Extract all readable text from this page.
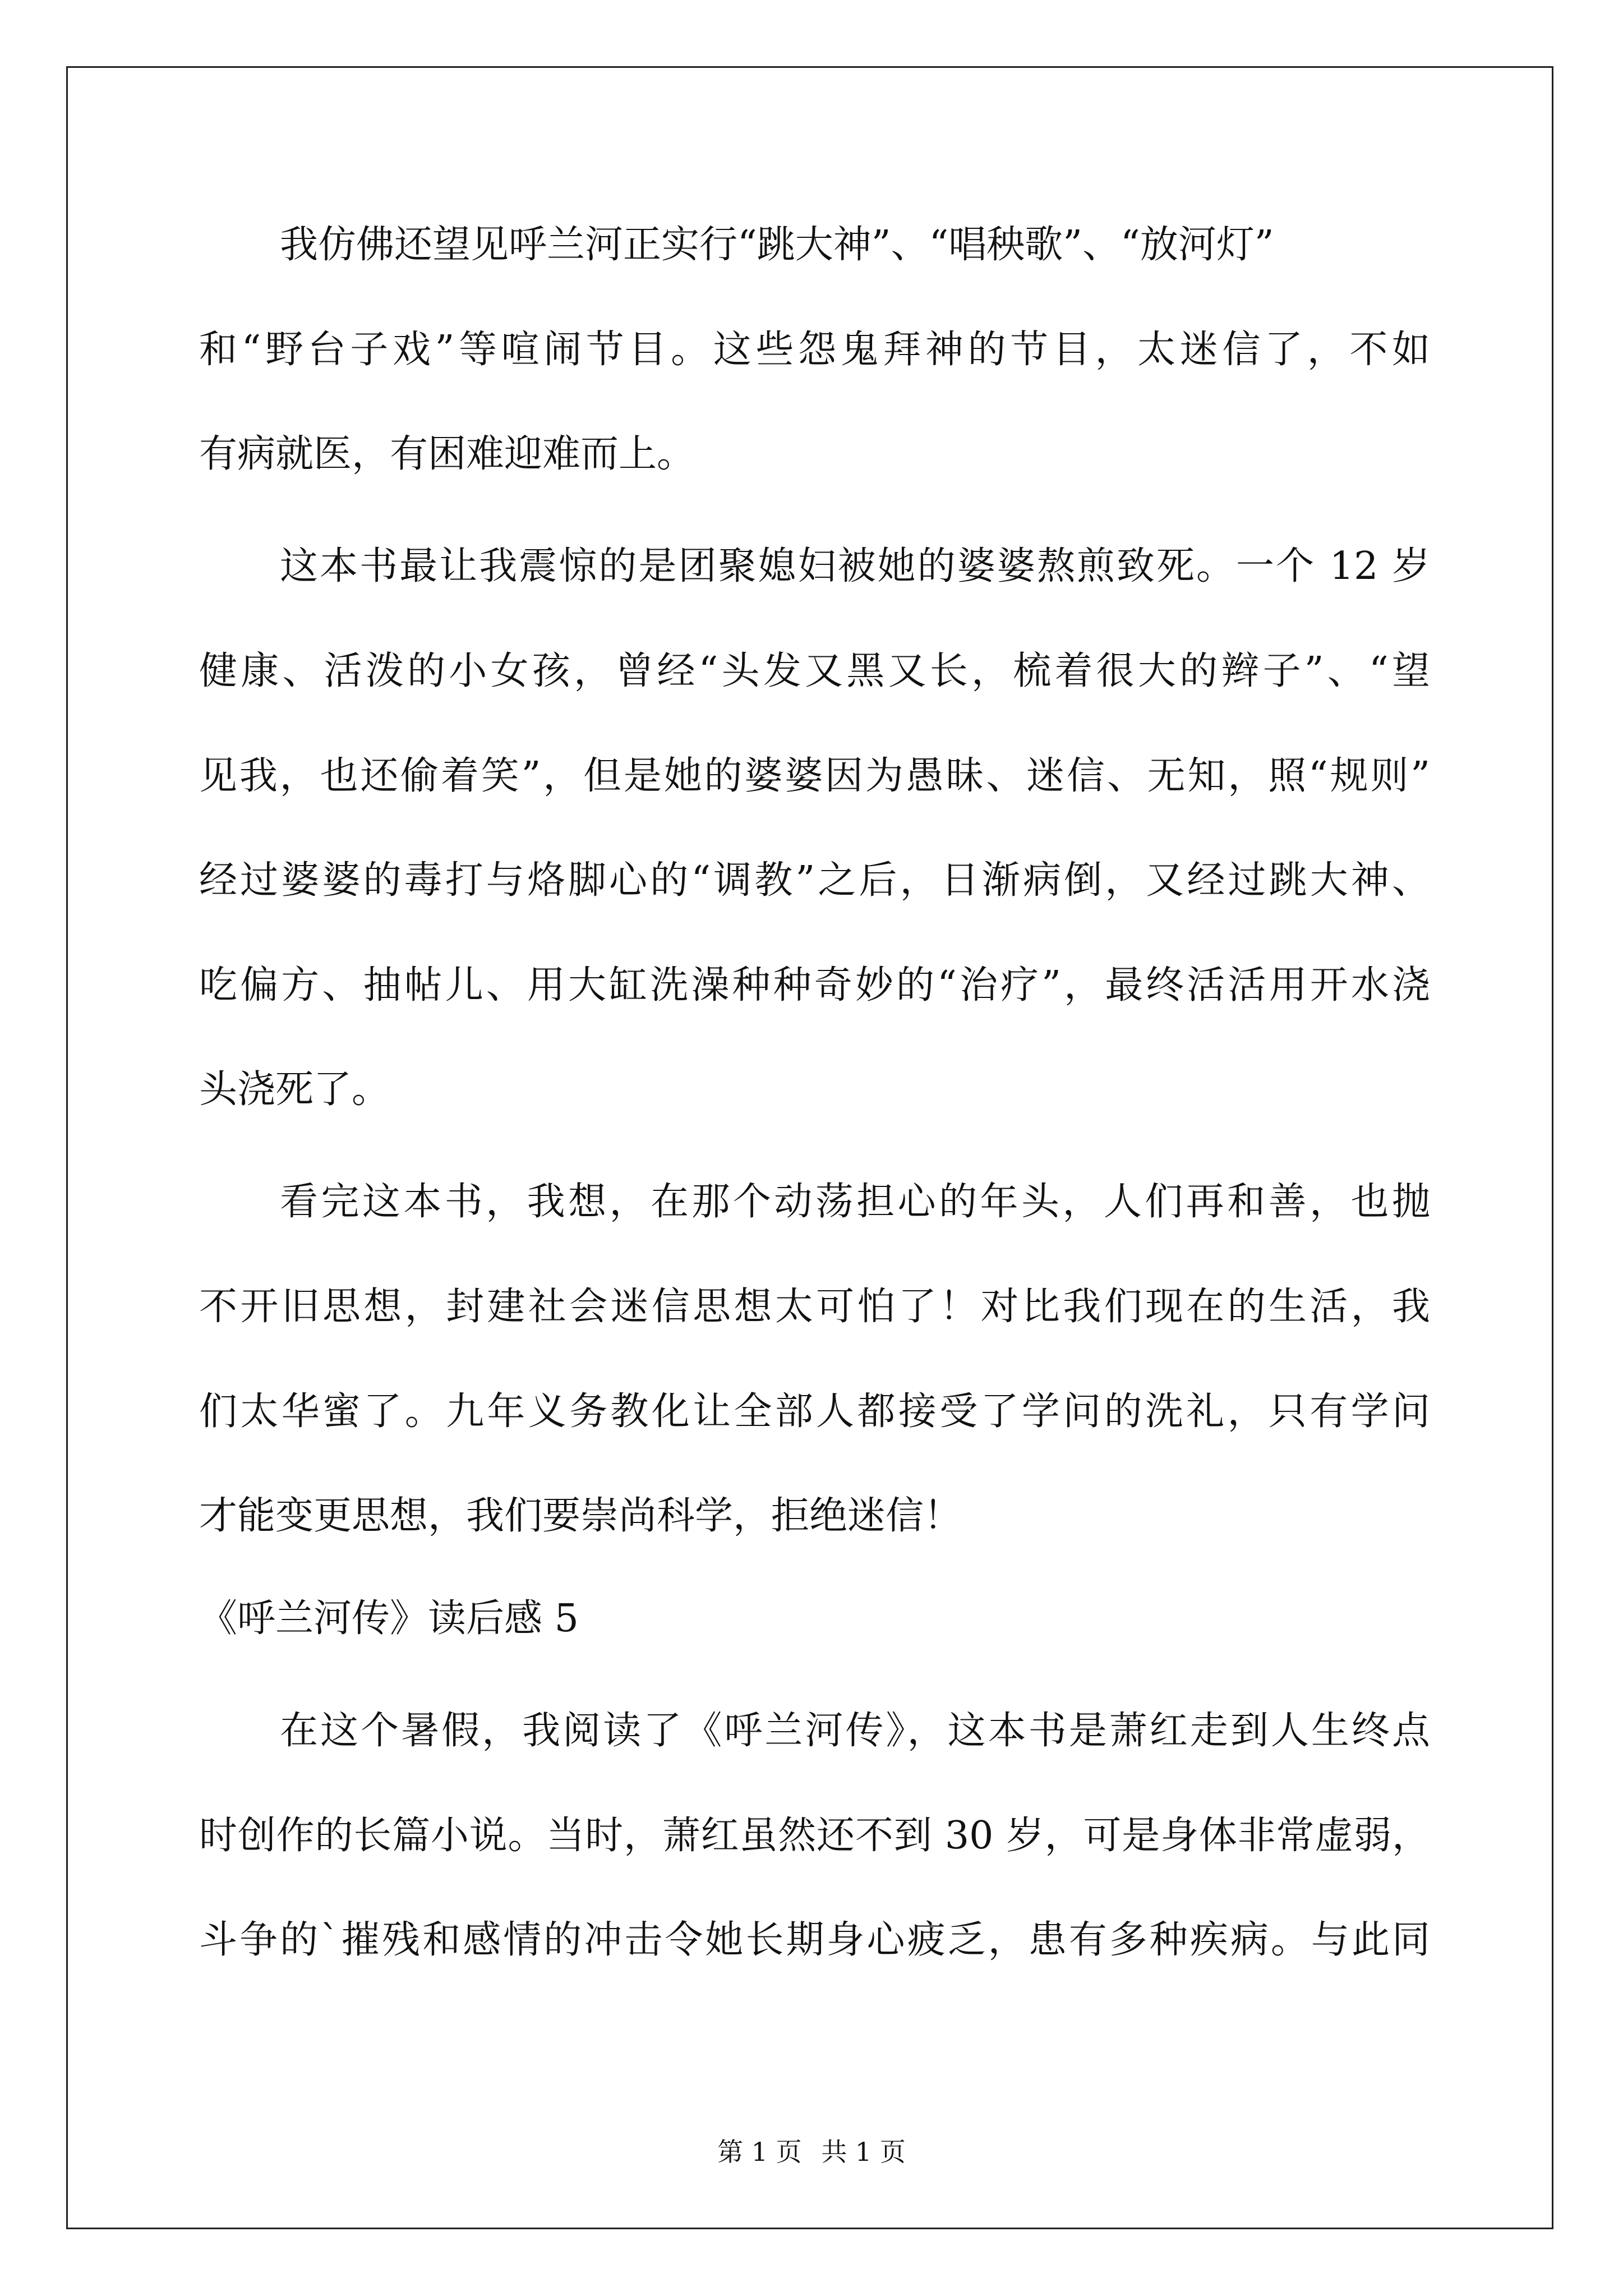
我仿佛还望见呼兰河正实行“跳大神”、“唱秧歌”、“放河灯”
和“野台子戏”等喧闹节目。这些怨鬼拜神的节目，太迷信了，不如
有病就医，有困难迎难而上。
这本书最让我震惊的是团聚媳妇被她的婆婆熬煎致死。一个 12 岁
健康、活泼的小女孩，曾经“头发又黑又长，梳着很大的辫子”、“望
见我，也还偷着笑”，但是她的婆婆因为愚昧、迷信、无知，照“规则”
经过婆婆的毒打与烙脚心的“调教”之后，日渐病倒，又经过跳大神、
吃偏方、抽帖儿、用大缸洗澡种种奇妙的“治疗”，最终活活用开水浇
头浇死了。
看完这本书，我想，在那个动荡担心的年头，人们再和善，也抛
不开旧思想，封建社会迷信思想太可怕了！对比我们现在的生活，我
们太华蜜了。九年义务教化让全部人都接受了学问的洗礼，只有学问
才能变更思想，我们要崇尚科学，拒绝迷信！
《呼兰河传》读后感 5
在这个暑假，我阅读了《呼兰河传》，这本书是萧红走到人生终点
时创作的长篇小说。当时，萧红虽然还不到 30 岁，可是身体非常虚弱，
斗争的`摧残和感情的冲击令她长期身心疲乏，患有多种疾病。与此同
第 1 页 共 1 页
